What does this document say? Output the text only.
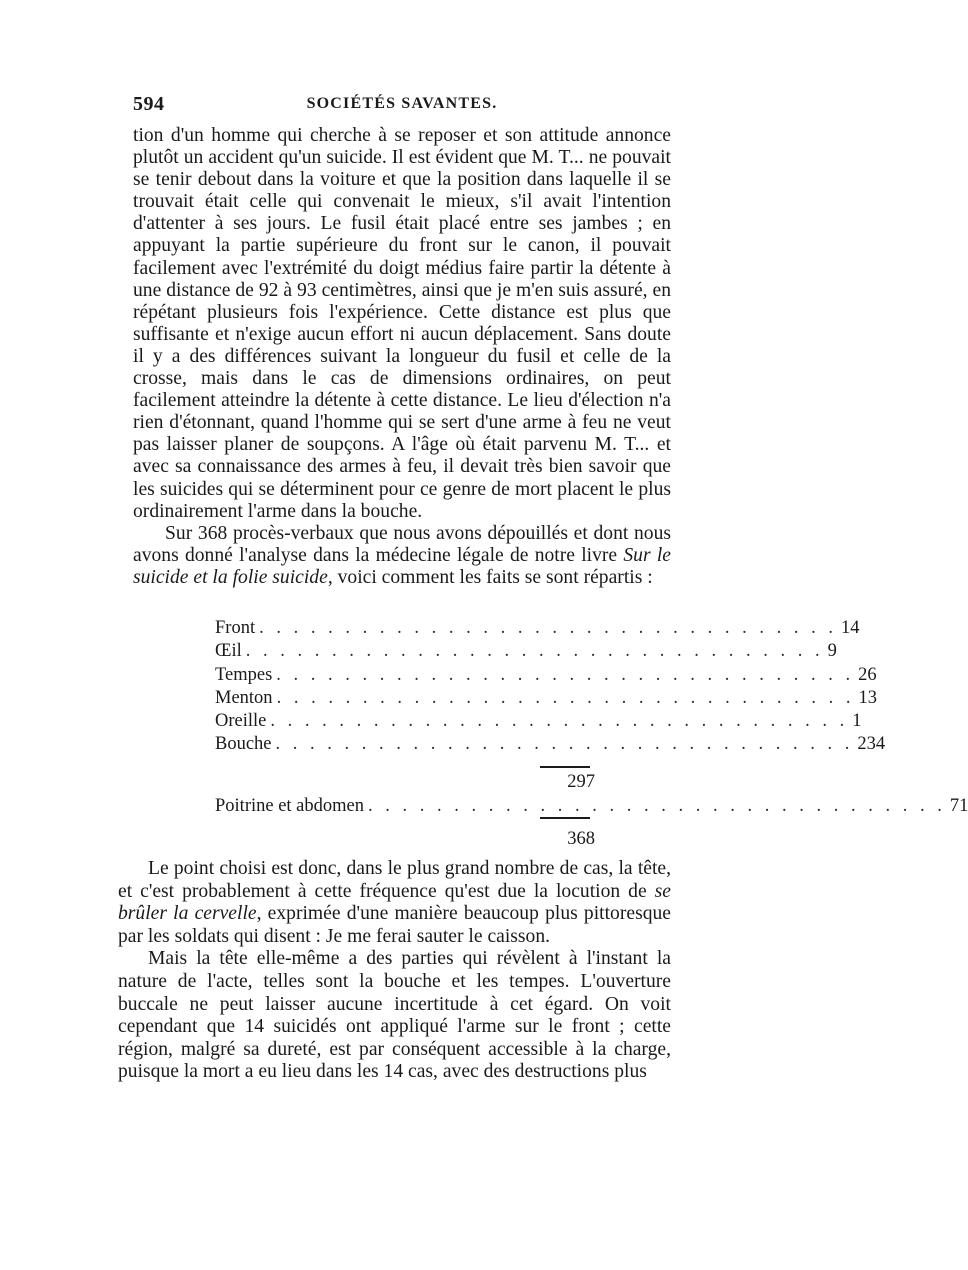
594	SOCIÉTÉS SAVANTES.

tion d'un homme qui cherche à se reposer et son attitude annonce plutôt un accident qu'un suicide. Il est évident que M. T... ne pouvait se tenir debout dans la voiture et que la position dans laquelle il se trouvait était celle qui convenait le mieux, s'il avait l'intention d'attenter à ses jours. Le fusil était placé entre ses jambes ; en appuyant la partie supérieure du front sur le canon, il pouvait facilement avec l'extrémité du doigt médius faire partir la détente à une distance de 92 à 93 centimètres, ainsi que je m'en suis assuré, en répétant plusieurs fois l'expérience. Cette distance est plus que suffisante et n'exige aucun effort ni aucun déplacement. Sans doute il y a des différences suivant la longueur du fusil et celle de la crosse, mais dans le cas de dimensions ordinaires, on peut facilement atteindre la détente à cette distance. Le lieu d'élection n'a rien d'étonnant, quand l'homme qui se sert d'une arme à feu ne veut pas laisser planer de soupçons. A l'âge où était parvenu M. T... et avec sa connaissance des armes à feu, il devait très bien savoir que les suicides qui se déterminent pour ce genre de mort placent le plus ordinairement l'arme dans la bouche.

Sur 368 procès-verbaux que nous avons dépouillés et dont nous avons donné l'analyse dans la médecine légale de notre livre Sur le suicide et la folie suicide, voici comment les faits se sont répartis :

Front . . . . . . . . . . . . . . . . . . . . . . . . . . . . . . . . . . 14
Œil . . . . . . . . . . . . . . . . . . . . . . . . . . . . . . . . . . 9
Tempes . . . . . . . . . . . . . . . . . . . . . . . . . . . . . . . . . . 26
Menton . . . . . . . . . . . . . . . . . . . . . . . . . . . . . . . . . . 13
Oreille . . . . . . . . . . . . . . . . . . . . . . . . . . . . . . . . . . 1
Bouche . . . . . . . . . . . . . . . . . . . . . . . . . . . . . . . . . . 234
297
Poitrine et abdomen . . . . . . . . . . . . . . . . . . . . . . . . . . . . . . . . . . 71
368

Le point choisi est donc, dans le plus grand nombre de cas, la tête, et c'est probablement à cette fréquence qu'est due la locution de se brûler la cervelle, exprimée d'une manière beaucoup plus pittoresque par les soldats qui disent : Je me ferai sauter le caisson.

Mais la tête elle-même a des parties qui révèlent à l'instant la nature de l'acte, telles sont la bouche et les tempes. L'ouverture buccale ne peut laisser aucune incertitude à cet égard. On voit cependant que 14 suicidés ont appliqué l'arme sur le front ; cette région, malgré sa dureté, est par conséquent accessible à la charge, puisque la mort a eu lieu dans les 14 cas, avec des destructions plus
